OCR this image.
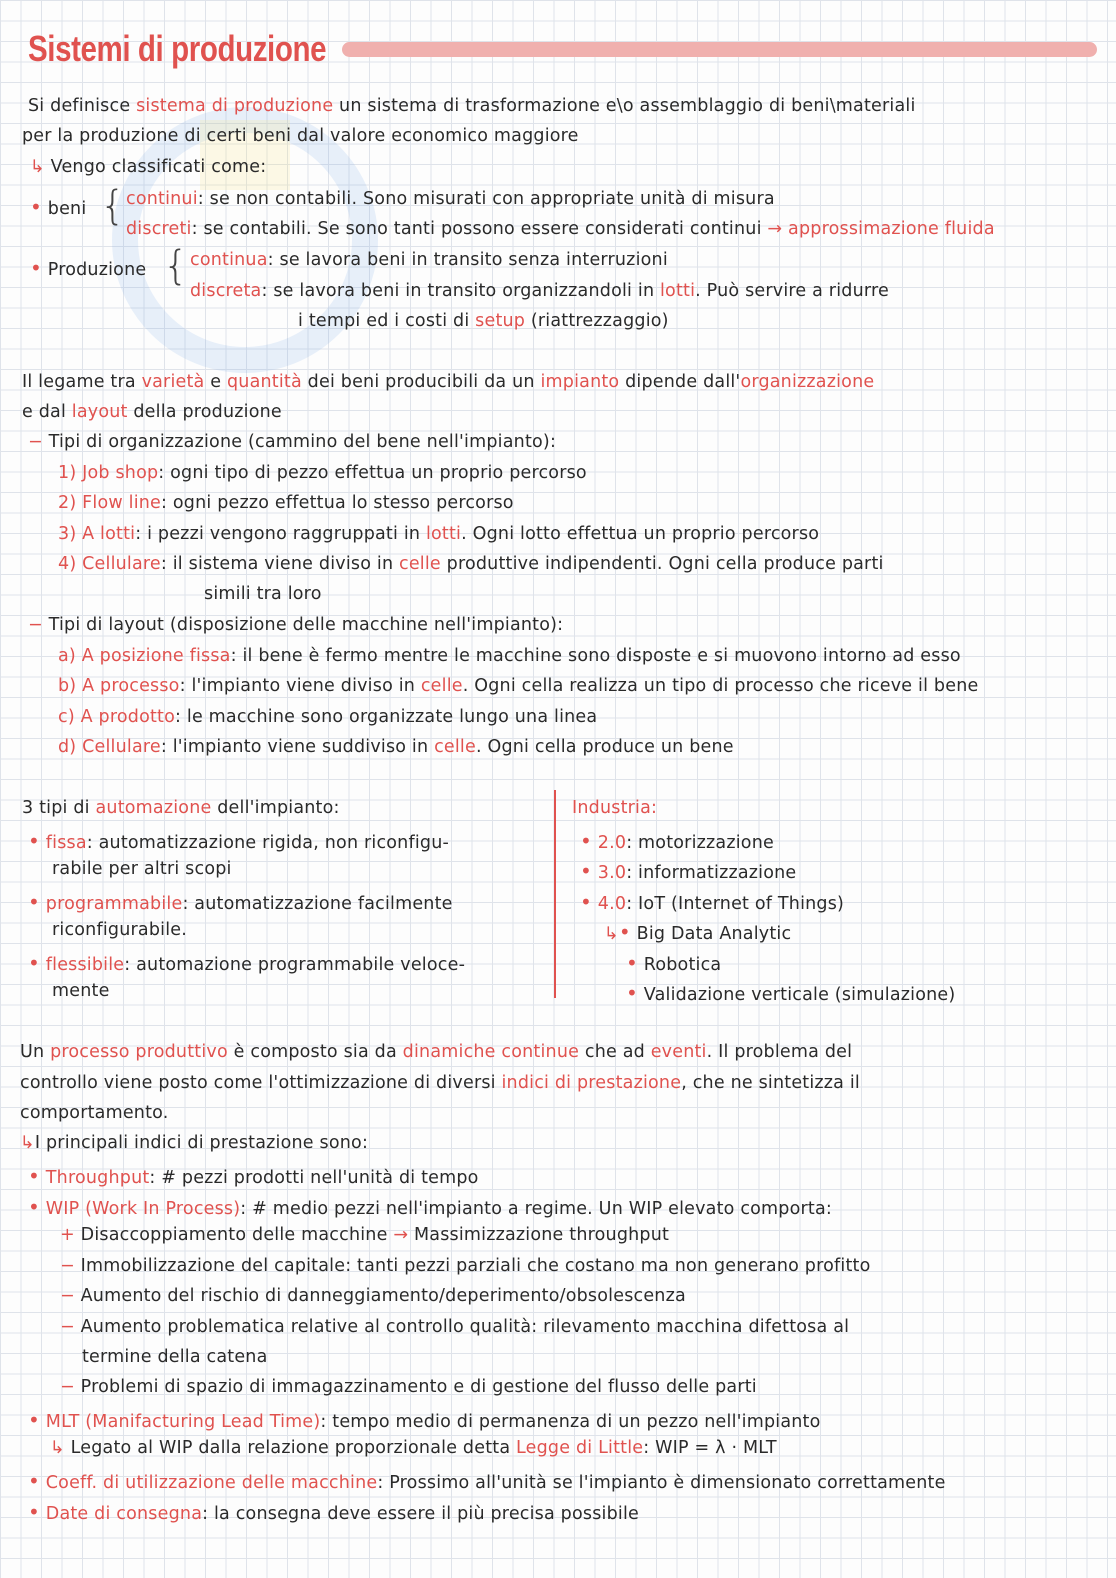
Sistemi di produzione
Si definisce sistema di produzione un sistema di trasformazione e\o assemblaggio di beni\materiali
per la produzione di certi beni dal valore economico maggiore
↳ Vengo classificati come:
• beni { continui: se non contabili. Sono misurati con appropriate unità di misura
discreti: se contabili. Se sono tanti possono essere considerati continui → approssimazione fluida
• Produzione { continua: se lavora beni in transito senza interruzioni
discreta: se lavora beni in transito organizzandoli in lotti. Può servire a ridurre
i tempi ed i costi di setup (riattrezzaggio)
Il legame tra varietà e quantità dei beni producibili da un impianto dipende dall'organizzazione
e dal layout della produzione
− Tipi di organizzazione (cammino del bene nell'impianto):
1) Job shop: ogni tipo di pezzo effettua un proprio percorso
2) Flow line: ogni pezzo effettua lo stesso percorso
3) A lotti: i pezzi vengono raggruppati in lotti. Ogni lotto effettua un proprio percorso
4) Cellulare: il sistema viene diviso in celle produttive indipendenti. Ogni cella produce parti
simili tra loro
− Tipi di layout (disposizione delle macchine nell'impianto):
a) A posizione fissa: il bene è fermo mentre le macchine sono disposte e si muovono intorno ad esso
b) A processo: l'impianto viene diviso in celle. Ogni cella realizza un tipo di processo che riceve il bene
c) A prodotto: le macchine sono organizzate lungo una linea
d) Cellulare: l'impianto viene suddiviso in celle. Ogni cella produce un bene
3 tipi di automazione dell'impianto:
• fissa: automatizzazione rigida, non riconfigu-
rabile per altri scopi
• programmabile: automatizzazione facilmente
riconfigurabile.
• flessibile: automazione programmabile veloce-
mente
Industria:
• 2.0: motorizzazione
• 3.0: informatizzazione
• 4.0: IoT (Internet of Things)
↳• Big Data Analytic
• Robotica
• Validazione verticale (simulazione)
Un processo produttivo è composto sia da dinamiche continue che ad eventi. Il problema del
controllo viene posto come l'ottimizzazione di diversi indici di prestazione, che ne sintetizza il
comportamento.
↳I principali indici di prestazione sono:
• Throughput: # pezzi prodotti nell'unità di tempo
• WIP (Work In Process): # medio pezzi nell'impianto a regime. Un WIP elevato comporta:
+ Disaccoppiamento delle macchine → Massimizzazione throughput
− Immobilizzazione del capitale: tanti pezzi parziali che costano ma non generano profitto
− Aumento del rischio di danneggiamento/deperimento/obsolescenza
− Aumento problematica relative al controllo qualità: rilevamento macchina difettosa al
termine della catena
− Problemi di spazio di immagazzinamento e di gestione del flusso delle parti
• MLT (Manifacturing Lead Time): tempo medio di permanenza di un pezzo nell'impianto
↳ Legato al WIP dalla relazione proporzionale detta Legge di Little: WIP = λ · MLT
• Coeff. di utilizzazione delle macchine: Prossimo all'unità se l'impianto è dimensionato correttamente
• Date di consegna: la consegna deve essere il più precisa possibile
